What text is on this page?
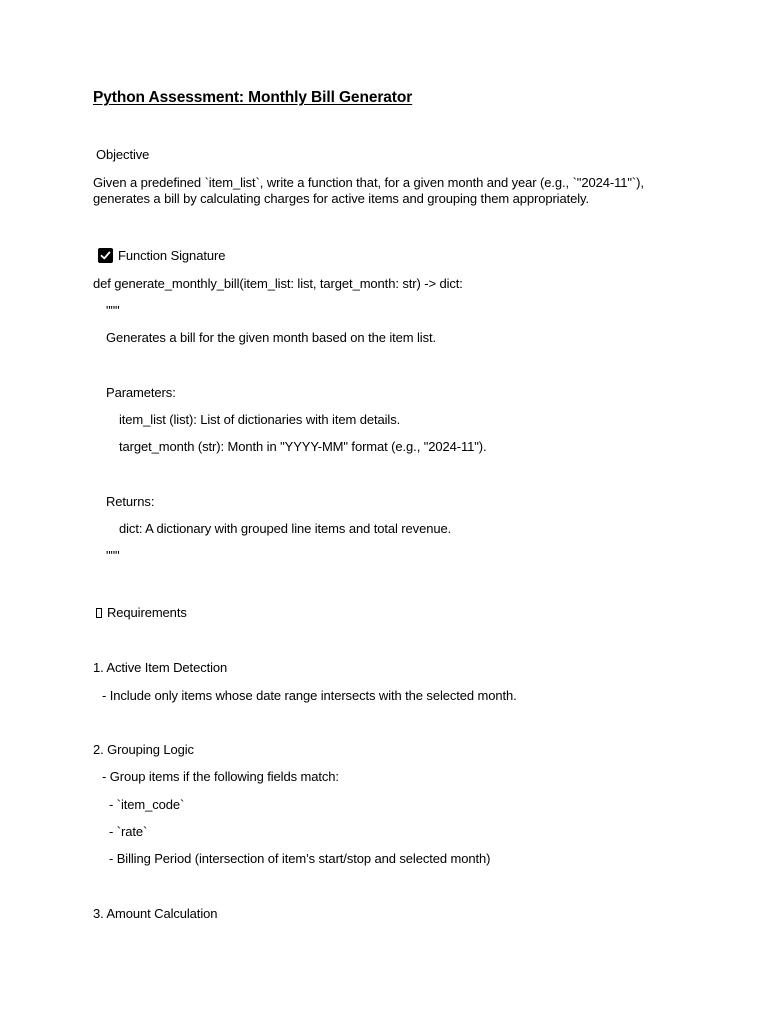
Python Assessment: Monthly Bill Generator
Objective
Given a predefined `item_list`, write a function that, for a given month and year (e.g., `"2024-11"`), generates a bill by calculating charges for active items and grouping them appropriately.
Function Signature
def generate_monthly_bill(item_list: list, target_month: str) -> dict:
"""
Generates a bill for the given month based on the item list.
Parameters:
item_list (list): List of dictionaries with item details.
target_month (str): Month in "YYYY-MM" format (e.g., "2024-11").
Returns:
dict: A dictionary with grouped line items and total revenue.
"""
Requirements
1. Active Item Detection
- Include only items whose date range intersects with the selected month.
2. Grouping Logic
- Group items if the following fields match:
- `item_code`
- `rate`
- Billing Period (intersection of item’s start/stop and selected month)
3. Amount Calculation
